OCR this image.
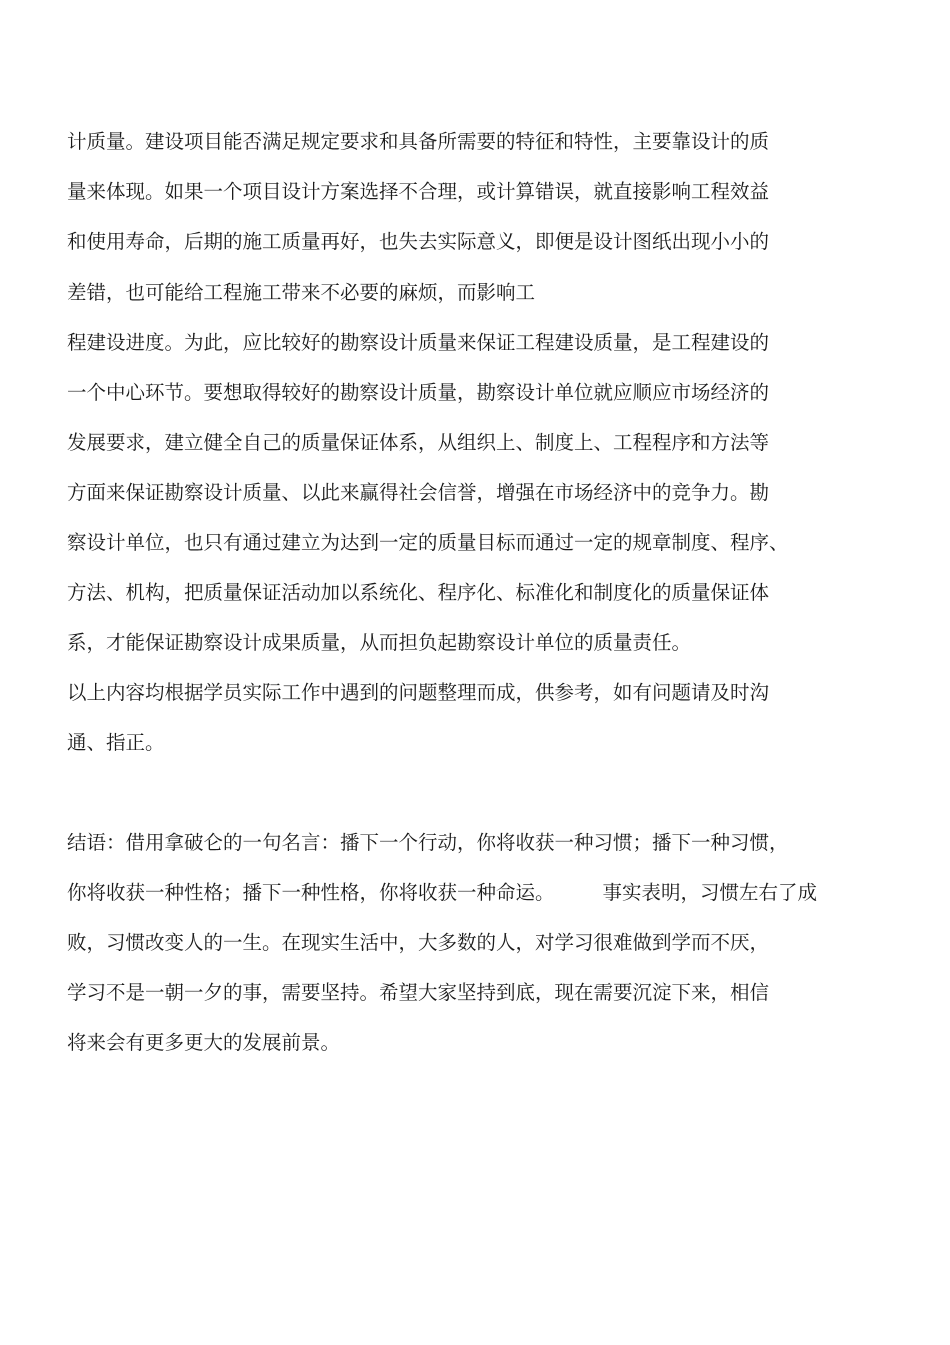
计质量。建设项目能否满足规定要求和具备所需要的特征和特性，主要靠设计的质
量来体现。如果一个项目设计方案选择不合理，或计算错误，就直接影响工程效益
和使用寿命，后期的施工质量再好，也失去实际意义，即便是设计图纸出现小小的
差错，也可能给工程施工带来不必要的麻烦，而影响工
程建设进度。为此，应比较好的勘察设计质量来保证工程建设质量，是工程建设的
一个中心环节。要想取得较好的勘察设计质量，勘察设计单位就应顺应市场经济的
发展要求，建立健全自己的质量保证体系，从组织上、制度上、工程程序和方法等
方面来保证勘察设计质量、以此来赢得社会信誉，增强在市场经济中的竞争力。勘
察设计单位，也只有通过建立为达到一定的质量目标而通过一定的规章制度、程序、
方法、机构，把质量保证活动加以系统化、程序化、标准化和制度化的质量保证体
系，才能保证勘察设计成果质量，从而担负起勘察设计单位的质量责任。
以上内容均根据学员实际工作中遇到的问题整理而成，供参考，如有问题请及时沟
通、指正。
结语：借用拿破仑的一句名言：播下一个行动，你将收获一种习惯；播下一种习惯，
你将收获一种性格；播下一种性格，你将收获一种命运。 事实表明，习惯左右了成
败，习惯改变人的一生。在现实生活中，大多数的人，对学习很难做到学而不厌，
学习不是一朝一夕的事，需要坚持。希望大家坚持到底，现在需要沉淀下来，相信
将来会有更多更大的发展前景。
